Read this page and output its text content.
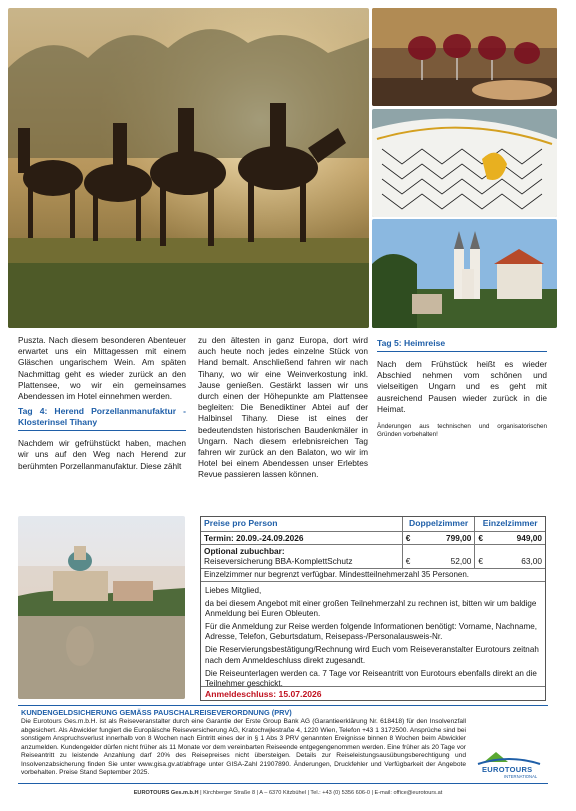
Puszta. Nach diesem besonderen Abenteuer erwartet uns ein Mittagessen mit einem Gläschen ungarischem Wein. Am späten Nachmittag geht es wieder zurück an den Plattensee, wo wir ein gemeinsames Abendessen im Hotel einnehmen werden.

Tag 4: Herend Porzellanmanufaktur - Klosterinsel Tihany

Nachdem wir gefrühstückt haben, machen wir uns auf den Weg nach Herend zur berühmten Porzellanmanufaktur. Diese zählt

zu den ältesten in ganz Europa, dort wird auch heute noch jedes einzelne Stück von Hand bemalt. Anschließend fahren wir nach Tihany, wo wir eine Weinverkostung inkl. Jause genießen. Gestärkt lassen wir uns durch einen der Höhepunkte am Plattensee begleiten: Die Benediktiner Abtei auf der Halbinsel Tihany. Diese ist eines der bedeutendsten historischen Baudenkmäler in Ungarn. Nach diesem erlebnisreichen Tag fahren wir zurück an den Balaton, wo wir im Hotel bei einem Abendessen unser Erlebtes Revue passieren lassen können.

Tag 5: Heimreise

Nach dem Frühstück heißt es wieder Abschied nehmen vom schönen und vielseitigen Ungarn und es geht mit ausreichend Pausen wieder zurück in die Heimat.

Änderungen aus technischen und organisatorischen Gründen vorbehalten!
Preise pro Person	Doppelzimmer	Einzelzimmer
Termin: 20.09.-24.09.2026	€	799,00 €	949,00
Optional zubuchbar:
Reiseversicherung BBA-KomplettSchutz	€	52,00 €	63,00
Einzelzimmer nur begrenzt verfügbar. Mindestteilnehmerzahl 35 Personen.

Liebes Mitglied,

da bei diesem Angebot mit einer großen Teilnehmerzahl zu rechnen ist, bitten wir um baldige Anmeldung bei Euren Obleuten.

Für die Anmeldung zur Reise werden folgende Informationen benötigt: Vorname, Nachname, Adresse, Telefon, Geburtsdatum, Reisepass-/Personalausweis-Nr.

Die Reservierungsbestätigung/Rechnung wird Euch vom Reiseveranstalter Eurotours zeitnah nach dem Anmeldeschluss direkt zugesandt.

Die Reiseunterlagen werden ca. 7 Tage vor Reiseantritt von Eurotours ebenfalls direkt an die Teilnehmer geschickt.

Anmeldeschluss: 15.07.2026
KUNDENGELDSICHERUNG GEMÄSS PAUSCHALREISEVERORDNUNG (PRV)
Die Eurotours Ges.m.b.H. ist als Reiseveranstalter durch eine Garantie der Erste Group Bank AG (Garantieerklärung Nr. 618418) für den Insolvenzfall abgesichert. Als Abwickler fungiert die Europäische Reiseversicherung AG, Kratochwjlestraße 4, 1220 Wien, Telefon +43 1 3172500. Ansprüche sind bei sonstigem Anspruchsverlust innerhalb von 8 Wochen nach Eintritt eines der in § 1 Abs 3 PRV genannten Ereignisse binnen 8 Wochen beim Abwickler anzumelden. Kundengelder dürfen nicht früher als 11 Monate vor dem vereinbarten Reiseende entgegengenommen werden. Eine früher als 20 Tage vor Reiseantritt zu leistende Anzahlung darf 20% des Reisepreises nicht übersteigen. Details zur Reiseleistungsausübungsberechtigung und Insolvenzabsicherung finden Sie unter www.gisa.gv.at/abfrage unter GISA-Zahl 21907890. Änderungen, Druckfehler und Verfügbarkeit der Angebote vorbehalten. Preise Stand September 2025.	EUROTOURS
INTERNATIONAL
EUROTOURS Ges.m.b.H | Kirchberger Straße 8 | A – 6370 Kitzbühel | Tel.: +43 (0) 5356 606-0 | E-mail: office@eurotours.at
